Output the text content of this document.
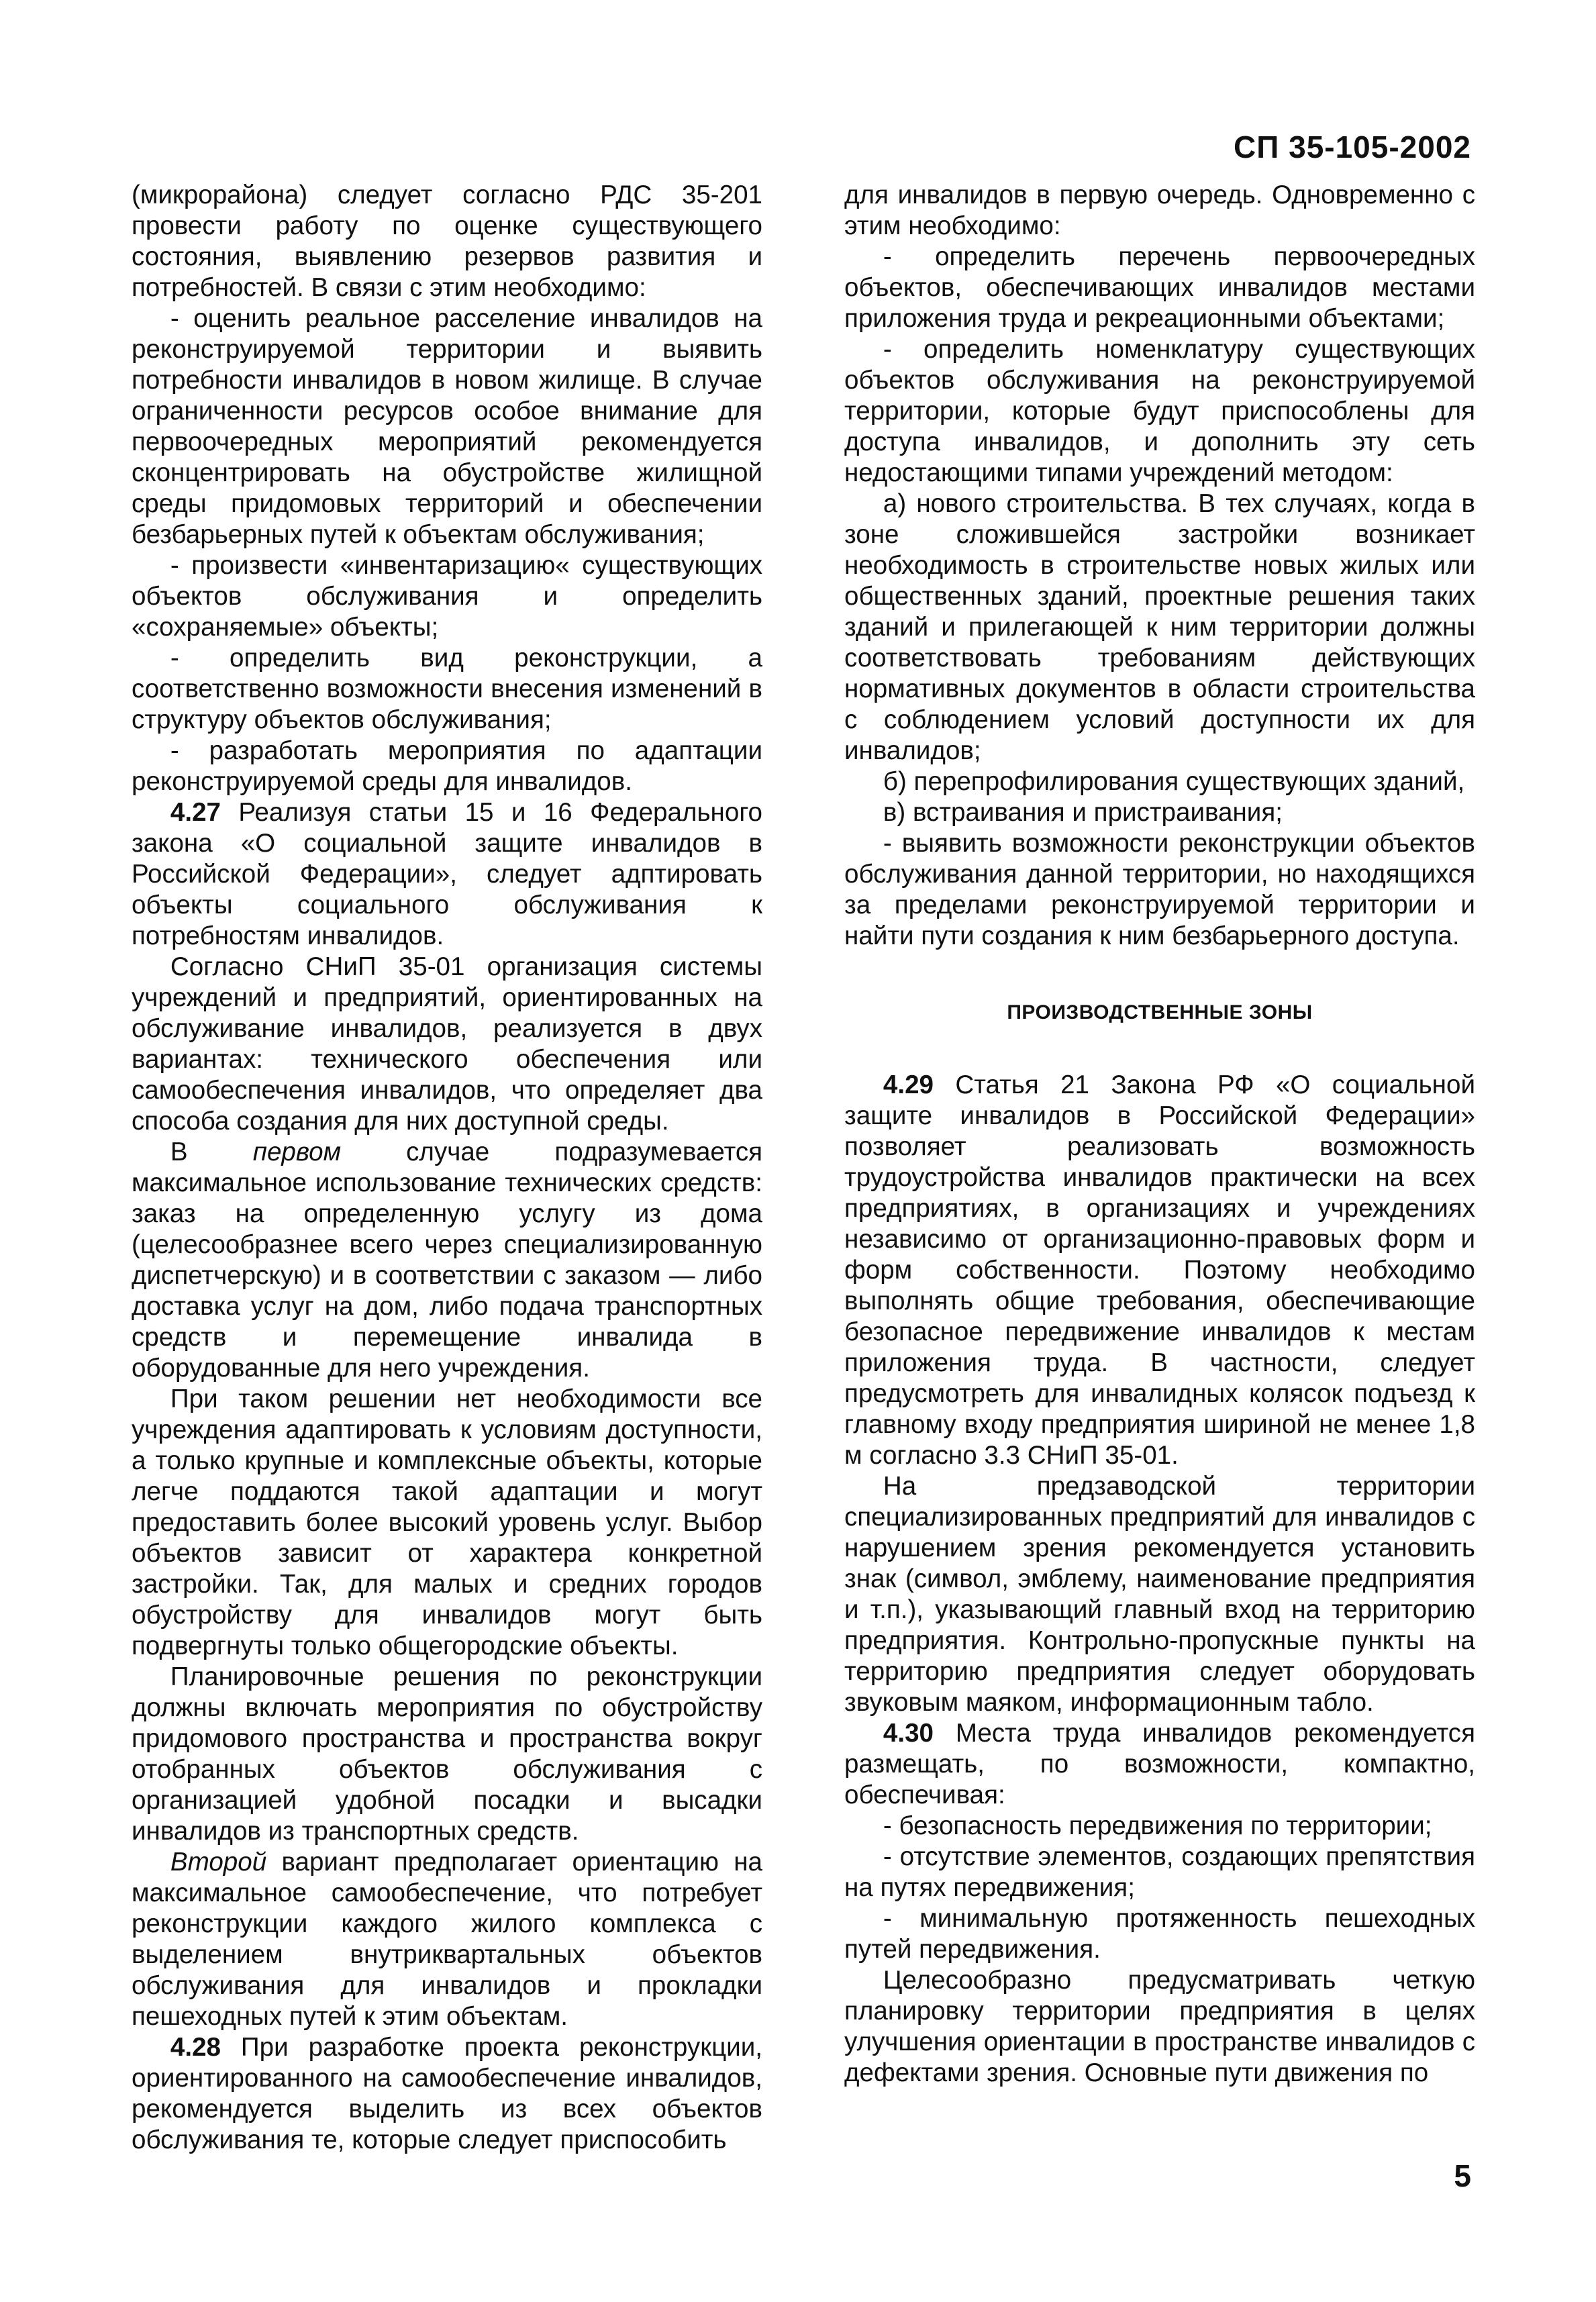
СП 35-105-2002

(микрорайона) следует согласно РДС 35-201 провести работу по оценке существующего состояния, выявлению резервов развития и потребностей. В связи с этим необходимо:

- оценить реальное расселение инвалидов на реконструируемой территории и выявить потребности инвалидов в новом жилище. В случае ограниченности ресурсов особое внимание для первоочередных мероприятий рекомендуется сконцентрировать на обустройстве жилищной среды придомовых территорий и обеспечении безбарьерных путей к объектам обслуживания;

- произвести «инвентаризацию« существующих объектов обслуживания и определить «сохраняемые» объекты;

- определить вид реконструкции, а соответственно возможности внесения изменений в структуру объектов обслуживания;

- разработать мероприятия по адаптации реконструируемой среды для инвалидов.

4.27 Реализуя статьи 15 и 16 Федерального закона «О социальной защите инвалидов в Российской Федерации», следует адптировать объекты социального обслуживания к потребностям инвалидов.

Согласно СНиП 35-01 организация системы учреждений и предприятий, ориентированных на обслуживание инвалидов, реализуется в двух вариантах: технического обеспечения или самообеспечения инвалидов, что определяет два способа создания для них доступной среды.

В первом случае подразумевается максимальное использование технических средств: заказ на определенную услугу из дома (целесообразнее всего через специализированную диспетчерскую) и в соответствии с заказом — либо доставка услуг на дом, либо подача транспортных средств и перемещение инвалида в оборудованные для него учреждения.

При таком решении нет необходимости все учреждения адаптировать к условиям доступности, а только крупные и комплексные объекты, которые легче поддаются такой адаптации и могут предоставить более высокий уровень услуг. Выбор объектов зависит от характера конкретной застройки. Так, для малых и средних городов обустройству для инвалидов могут быть подвергнуты только общегородские объекты.

Планировочные решения по реконструкции должны включать мероприятия по обустройству придомового пространства и пространства вокруг отобранных объектов обслуживания с организацией удобной посадки и высадки инвалидов из транспортных средств.

Второй вариант предполагает ориентацию на максимальное самообеспечение, что потребует реконструкции каждого жилого комплекса с выделением внутриквартальных объектов обслуживания для инвалидов и прокладки пешеходных путей к этим объектам.

4.28 При разработке проекта реконструкции, ориентированного на самообеспечение инвалидов, рекомендуется выделить из всех объектов обслуживания те, которые следует приспособить

для инвалидов в первую очередь. Одновременно с этим необходимо:

- определить перечень первоочередных объектов, обеспечивающих инвалидов местами приложения труда и рекреационными объектами;

- определить номенклатуру существующих объектов обслуживания на реконструируемой территории, которые будут приспособлены для доступа инвалидов, и дополнить эту сеть недостающими типами учреждений методом:

а) нового строительства. В тех случаях, когда в зоне сложившейся застройки возникает необходимость в строительстве новых жилых или общественных зданий, проектные решения таких зданий и прилегающей к ним территории должны соответствовать требованиям действующих нормативных документов в области строительства с соблюдением условий доступности их для инвалидов;

б) перепрофилирования существующих зданий,

в) встраивания и пристраивания;

- выявить возможности реконструкции объектов обслуживания данной территории, но находящихся за пределами реконструируемой территории и найти пути создания к ним безбарьерного доступа.

ПРОИЗВОДСТВЕННЫЕ ЗОНЫ

4.29 Статья 21 Закона РФ «О социальной защите инвалидов в Российской Федерации» позволяет реализовать возможность трудоустройства инвалидов практически на всех предприятиях, в организациях и учреждениях независимо от организационно-правовых форм и форм собственности. Поэтому необходимо выполнять общие требования, обеспечивающие безопасное передвижение инвалидов к местам приложения труда. В частности, следует предусмотреть для инвалидных колясок подъезд к главному входу предприятия шириной не менее 1,8 м согласно 3.3 СНиП 35-01.

На предзаводской территории специализированных предприятий для инвалидов с нарушением зрения рекомендуется установить знак (символ, эмблему, наименование предприятия и т.п.), указывающий главный вход на территорию предприятия. Контрольно-пропускные пункты на территорию предприятия следует оборудовать звуковым маяком, информационным табло.

4.30 Места труда инвалидов рекомендуется размещать, по возможности, компактно, обеспечивая:

- безопасность передвижения по территории;

- отсутствие элементов, создающих препятствия на путях передвижения;

- минимальную протяженность пешеходных путей передвижения.

Целесообразно предусматривать четкую планировку территории предприятия в целях улучшения ориентации в пространстве инвалидов с дефектами зрения. Основные пути движения по

5
